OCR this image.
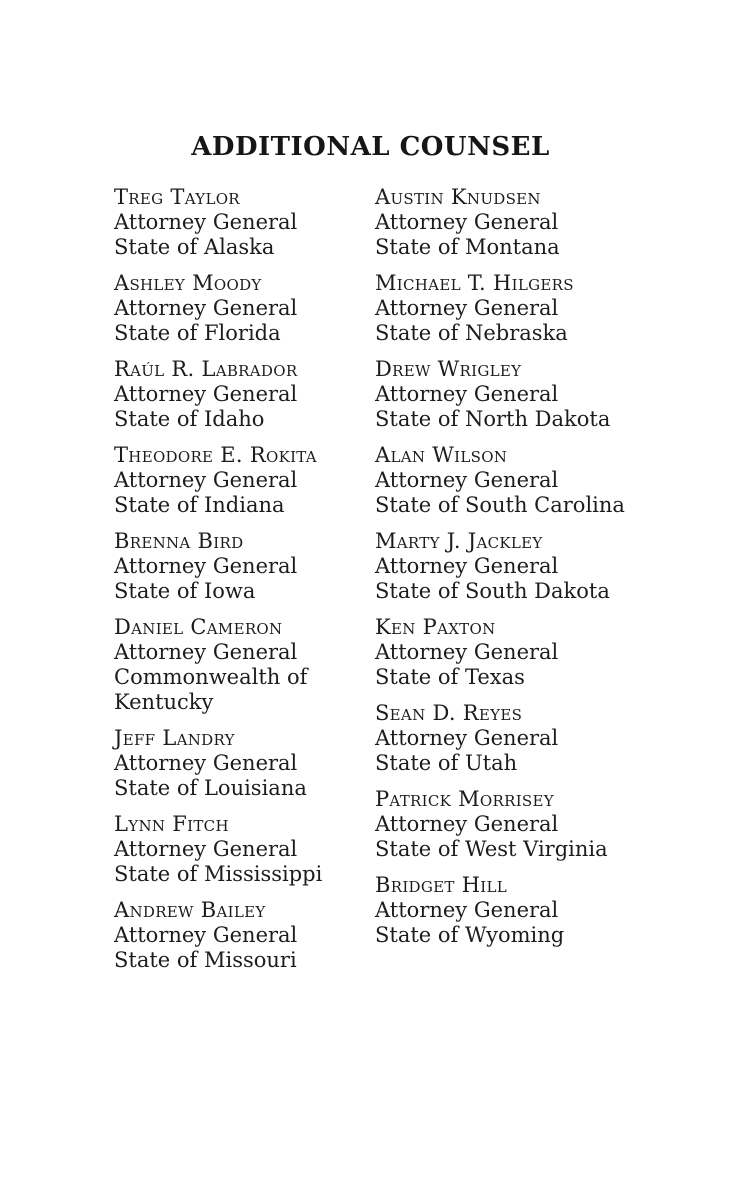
ADDITIONAL COUNSEL
Treg Taylor
Attorney General
State of Alaska
Ashley Moody
Attorney General
State of Florida
Raúl R. Labrador
Attorney General
State of Idaho
Theodore E. Rokita
Attorney General
State of Indiana
Brenna Bird
Attorney General
State of Iowa
Daniel Cameron
Attorney General
Commonwealth of Kentucky
Jeff Landry
Attorney General
State of Louisiana
Lynn Fitch
Attorney General
State of Mississippi
Andrew Bailey
Attorney General
State of Missouri
Austin Knudsen
Attorney General
State of Montana
Michael T. Hilgers
Attorney General
State of Nebraska
Drew Wrigley
Attorney General
State of North Dakota
Alan Wilson
Attorney General
State of South Carolina
Marty J. Jackley
Attorney General
State of South Dakota
Ken Paxton
Attorney General
State of Texas
Sean D. Reyes
Attorney General
State of Utah
Patrick Morrisey
Attorney General
State of West Virginia
Bridget Hill
Attorney General
State of Wyoming
